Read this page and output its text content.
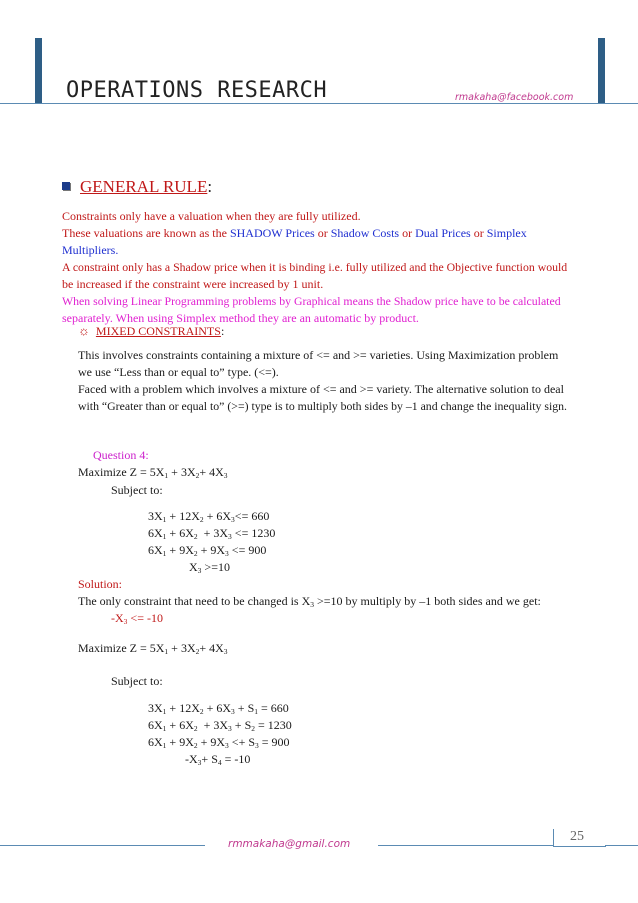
OPERATIONS RESEARCH	rmakaha@facebook.com
GENERAL RULE:
Constraints only have a valuation when they are fully utilized.
These valuations are known as the SHADOW Prices or Shadow Costs or Dual Prices or Simplex
Multipliers.
A constraint only has a Shadow price when it is binding i.e. fully utilized and the Objective function would
be increased if the constraint were increased by 1 unit.
When solving Linear Programming problems by Graphical means the Shadow price have to be calculated
separately. When using Simplex method they are an automatic by product.
☼ MIXED CONSTRAINTS:
This involves constraints containing a mixture of <= and >= varieties. Using Maximization problem
we use “Less than or equal to” type. (<=).
Faced with a problem which involves a mixture of <= and >= variety. The alternative solution to deal
with “Greater than or equal to” (>=) type is to multiply both sides by –1 and change the inequality sign.
Question 4:
Maximize $Z = 5X_1 + 3X_2+ 4X_3$
Subject to:
$3X_1 + 12X_2 + 6X_3<= 660$
$6X_1 + 6X_2 + 3X_3 <= 1230$
$6X_1 + 9X_2 + 9X_3 <= 900$
$X_3 >=10$
Solution:
The only constraint that need to be changed is $X_3 >=10$ by multiply by –1 both sides and we get:
$-X_3 <= -10$
Maximize $Z = 5X_1 + 3X_2+ 4X_3$
Subject to:
$3X_1 + 12X_2 + 6X_3 + S_1 = 660$
$6X_1 + 6X_2 + 3X_3 + S_2 = 1230$
$6X_1 + 9X_2 + 9X_3 <+ S_3 = 900$
$-X_3+ S_4 = -10$
rmmakaha@gmail.com	25
